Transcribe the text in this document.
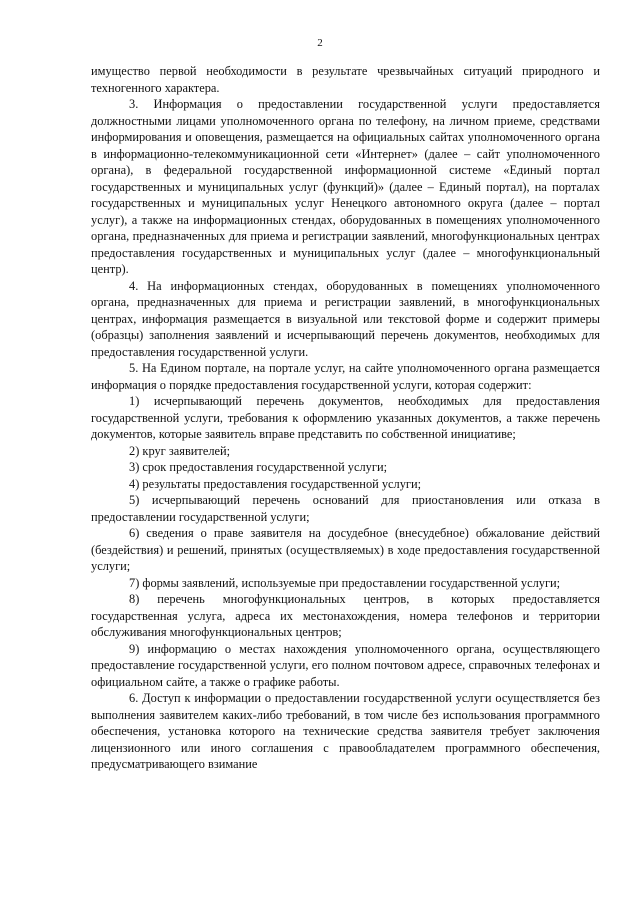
2

имущество первой необходимости в результате чрезвычайных ситуаций природного и техногенного характера.

3. Информация о предоставлении государственной услуги предоставляется должностными лицами уполномоченного органа по телефону, на личном приеме, средствами информирования и оповещения, размещается на официальных сайтах уполномоченного органа в информационно-телекоммуникационной сети «Интернет» (далее – сайт уполномоченного органа), в федеральной государственной информационной системе «Единый портал государственных и муниципальных услуг (функций)» (далее – Единый портал), на порталах государственных и муниципальных услуг Ненецкого автономного округа (далее – портал услуг), а также на информационных стендах, оборудованных в помещениях уполномоченного органа, предназначенных для приема и регистрации заявлений, многофункциональных центрах предоставления государственных и муниципальных услуг (далее – многофункциональный центр).

4. На информационных стендах, оборудованных в помещениях уполномоченного органа, предназначенных для приема и регистрации заявлений, в многофункциональных центрах, информация размещается в визуальной или текстовой форме и содержит примеры (образцы) заполнения заявлений и исчерпывающий перечень документов, необходимых для предоставления государственной услуги.

5. На Едином портале, на портале услуг, на сайте уполномоченного органа размещается информация о порядке предоставления государственной услуги, которая содержит:

1) исчерпывающий перечень документов, необходимых для предоставления государственной услуги, требования к оформлению указанных документов, а также перечень документов, которые заявитель вправе представить по собственной инициативе;

2) круг заявителей;

3) срок предоставления государственной услуги;

4) результаты предоставления государственной услуги;

5) исчерпывающий перечень оснований для приостановления или отказа в предоставлении государственной услуги;

6) сведения о праве заявителя на досудебное (внесудебное) обжалование действий (бездействия) и решений, принятых (осуществляемых) в ходе предоставления государственной услуги;

7) формы заявлений, используемые при предоставлении государственной услуги;

8) перечень многофункциональных центров, в которых предоставляется государственная услуга, адреса их местонахождения, номера телефонов и территории обслуживания многофункциональных центров;

9) информацию о местах нахождения уполномоченного органа, осуществляющего предоставление государственной услуги, его полном почтовом адресе, справочных телефонах и официальном сайте, а также о графике работы.

6. Доступ к информации о предоставлении государственной услуги осуществляется без выполнения заявителем каких-либо требований, в том числе без использования программного обеспечения, установка которого на технические средства заявителя требует заключения лицензионного или иного соглашения с правообладателем программного обеспечения, предусматривающего взимание
